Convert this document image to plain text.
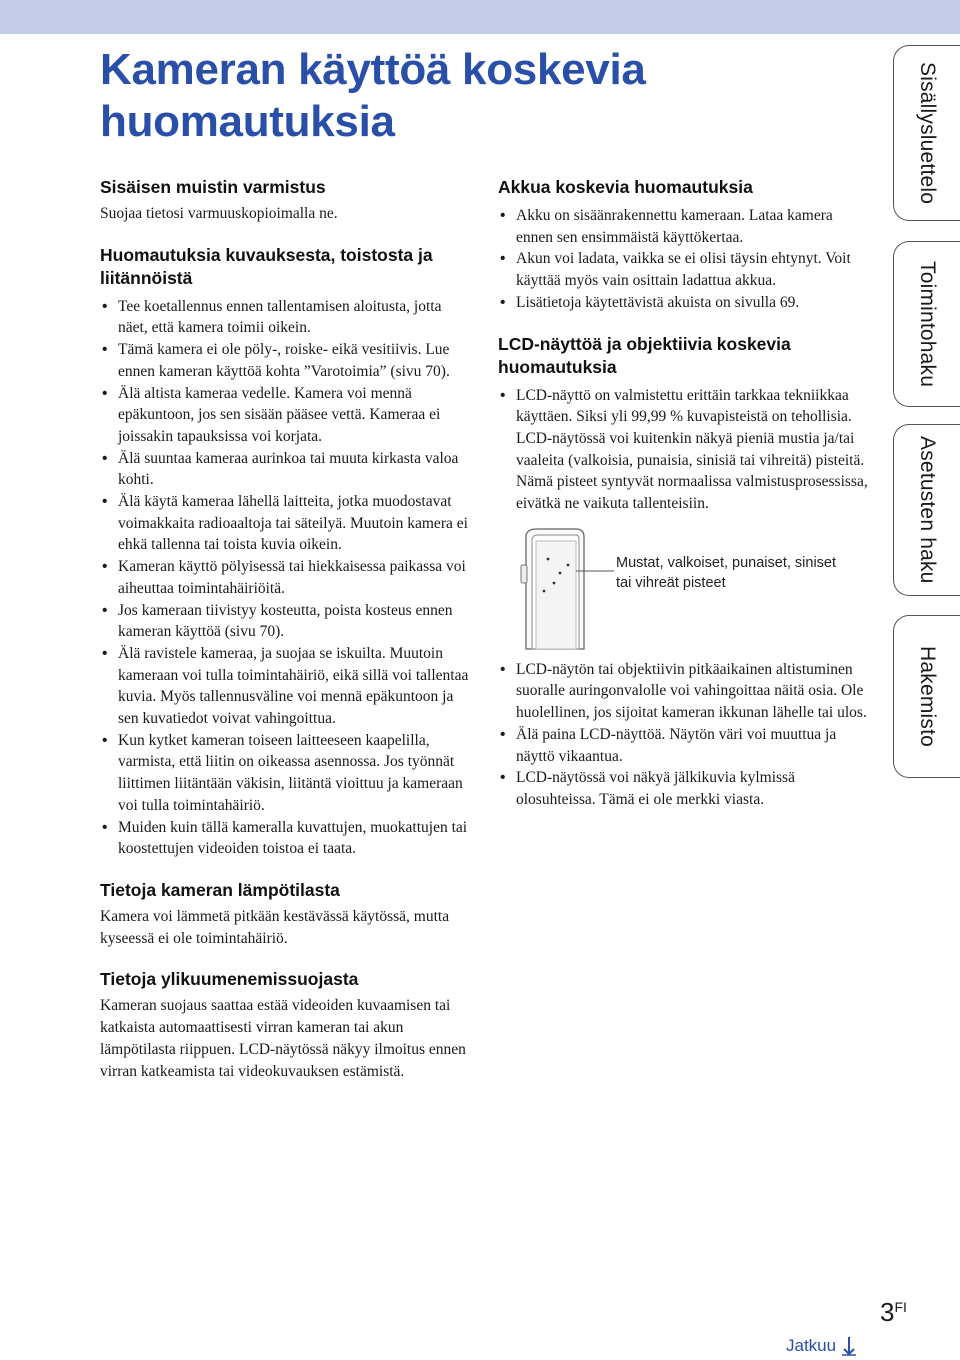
Kameran käyttöä koskevia huomautuksia
Sisäisen muistin varmistus

Suojaa tietosi varmuuskopioimalla ne.

Huomautuksia kuvauksesta, toistosta ja liitännöistä
• Tee koetallennus ennen tallentamisen aloitusta, jotta näet, että kamera toimii oikein.
• Tämä kamera ei ole pöly-, roiske- eikä vesitiivis. Lue ennen kameran käyttöä kohta ”Varotoimia” (sivu 70).
• Älä altista kameraa vedelle. Kamera voi mennä epäkuntoon, jos sen sisään pääsee vettä. Kameraa ei joissakin tapauksissa voi korjata.
• Älä suuntaa kameraa aurinkoa tai muuta kirkasta valoa kohti.
• Älä käytä kameraa lähellä laitteita, jotka muodostavat voimakkaita radioaaltoja tai säteilyä. Muutoin kamera ei ehkä tallenna tai toista kuvia oikein.
• Kameran käyttö pölyisessä tai hiekkaisessa paikassa voi aiheuttaa toimintahäiriöitä.
• Jos kameraan tiivistyy kosteutta, poista kosteus ennen kameran käyttöä (sivu 70).
• Älä ravistele kameraa, ja suojaa se iskuilta. Muutoin kameraan voi tulla toimintahäiriö, eikä sillä voi tallentaa kuvia. Myös tallennusväline voi mennä epäkuntoon ja sen kuvatiedot voivat vahingoittua.
• Kun kytket kameran toiseen laitteeseen kaapelilla, varmista, että liitin on oikeassa asennossa. Jos työnnät liittimen liitäntään väkisin, liitäntä vioittuu ja kameraan voi tulla toimintahäiriö.
• Muiden kuin tällä kameralla kuvattujen, muokattujen tai koostettujen videoiden toistoa ei taata.
Tietoja kameran lämpötilasta

Kamera voi lämmetä pitkään kestävässä käytössä, mutta kyseessä ei ole toimintahäiriö.

Tietoja ylikuumenemissuojasta

Kameran suojaus saattaa estää videoiden kuvaamisen tai katkaista automaattisesti virran kameran tai akun lämpötilasta riippuen. LCD-näytössä näkyy ilmoitus ennen virran katkeamista tai videokuvauksen estämistä.

Akkua koskevia huomautuksia
• Akku on sisäänrakennettu kameraan. Lataa kamera ennen sen ensimmäistä käyttökertaa.
• Akun voi ladata, vaikka se ei olisi täysin ehtynyt. Voit käyttää myös vain osittain ladattua akkua.
• Lisätietoja käytettävistä akuista on sivulla 69.
LCD-näyttöä ja objektiivia koskevia huomautuksia
• LCD-näyttö on valmistettu erittäin tarkkaa tekniikkaa käyttäen. Siksi yli 99,99 % kuvapisteistä on tehollisia. LCD-näytössä voi kuitenkin näkyä pieniä mustia ja/tai vaaleita (valkoisia, punaisia, sinisiä tai vihreitä) pisteitä. Nämä pisteet syntyvät normaalissa valmistusprosessissa, eivätkä ne vaikuta tallenteisiin.
Mustat, valkoiset, punaiset, siniset tai vihreät pisteet
• LCD-näytön tai objektiivin pitkäaikainen altistuminen suoralle auringonvalolle voi vahingoittaa näitä osia. Ole huolellinen, jos sijoitat kameran ikkunan lähelle tai ulos.
• Älä paina LCD-näyttöä. Näytön väri voi muuttua ja näyttö vikaantua.
• LCD-näytössä voi näkyä jälkikuvia kylmissä olosuhteissa. Tämä ei ole merkki viasta.
Sisällysluettelo
Toimintohaku
Asetusten haku
Hakemisto
$3^{FI}$
Jatkuu
